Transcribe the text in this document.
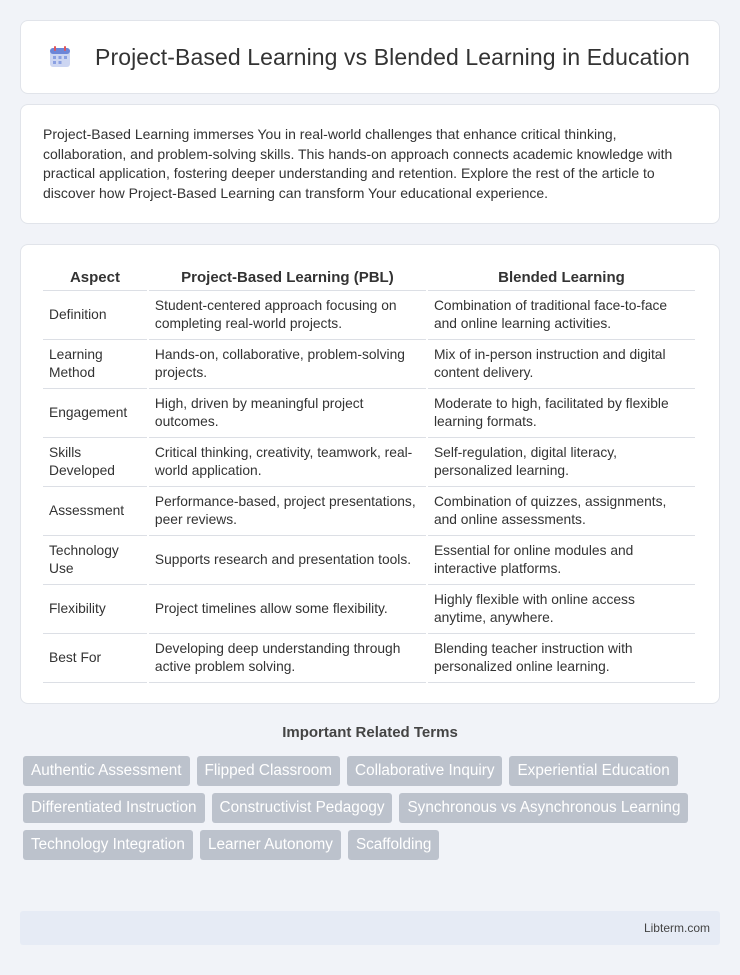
Project-Based Learning vs Blended Learning in Education

Project-Based Learning immerses You in real-world challenges that enhance critical thinking, collaboration, and problem-solving skills. This hands-on approach connects academic knowledge with practical application, fostering deeper understanding and retention. Explore the rest of the article to discover how Project-Based Learning can transform Your educational experience.

Aspect	Project-Based Learning (PBL)	Blended Learning
Definition	Student-centered approach focusing on completing real-world projects.	Combination of traditional face-to-face and online learning activities.
Learning Method	Hands-on, collaborative, problem-solving projects.	Mix of in-person instruction and digital content delivery.
Engagement	High, driven by meaningful project outcomes.	Moderate to high, facilitated by flexible learning formats.
Skills Developed	Critical thinking, creativity, teamwork, real-world application.	Self-regulation, digital literacy, personalized learning.
Assessment	Performance-based, project presentations, peer reviews.	Combination of quizzes, assignments, and online assessments.
Technology Use	Supports research and presentation tools.	Essential for online modules and interactive platforms.
Flexibility	Project timelines allow some flexibility.	Highly flexible with online access anytime, anywhere.
Best For	Developing deep understanding through active problem solving.	Blending teacher instruction with personalized online learning.
Important Related Terms
Authentic Assessment	Flipped Classroom	Collaborative Inquiry	Experiential Education
Differentiated Instruction	Constructivist Pedagogy	Synchronous vs Asynchronous Learning
Technology Integration	Learner Autonomy	Scaffolding
Libterm.com
